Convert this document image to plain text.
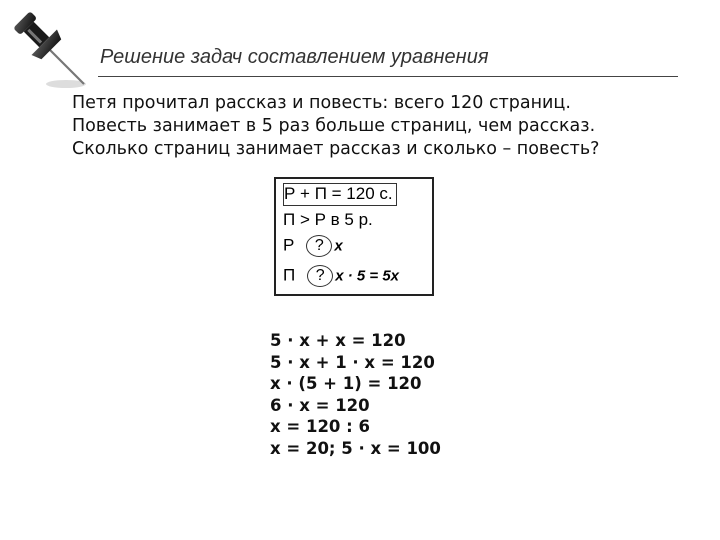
Решение задач составлением уравнения
Петя прочитал рассказ и повесть: всего 120 страниц.
Повесть занимает в 5 раз больше страниц, чем рассказ.
Сколько страниц занимает рассказ и сколько – повесть?
Р + П = 120 с.
П > Р в 5 р.
Р ? x
П ? x · 5 = 5x
5 · x + x = 120
5 · x + 1 · x = 120
x · (5 + 1) = 120
6 · x = 120
x = 120 : 6
x = 20; 5 · x = 100
